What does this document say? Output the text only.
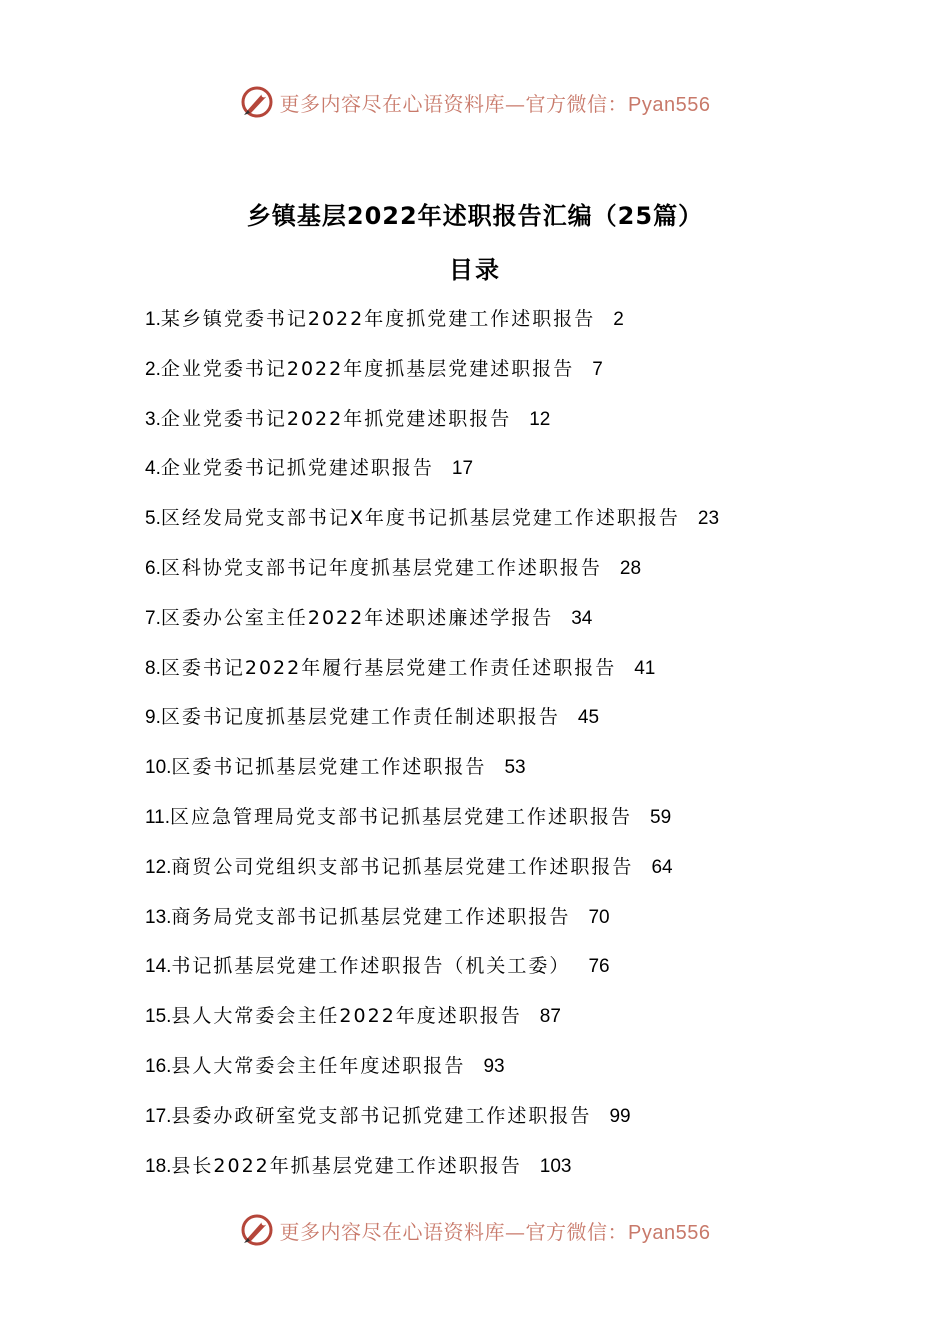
更多内容尽在心语资料库—官方微信：Pyan556
乡镇基层2022年述职报告汇编（25篇）
目录
1.某乡镇党委书记2022年度抓党建工作述职报告 2
2.企业党委书记2022年度抓基层党建述职报告 7
3.企业党委书记2022年抓党建述职报告 12
4.企业党委书记抓党建述职报告 17
5.区经发局党支部书记X年度书记抓基层党建工作述职报告 23
6.区科协党支部书记年度抓基层党建工作述职报告 28
7.区委办公室主任2022年述职述廉述学报告 34
8.区委书记2022年履行基层党建工作责任述职报告 41
9.区委书记度抓基层党建工作责任制述职报告 45
10.区委书记抓基层党建工作述职报告 53
11.区应急管理局党支部书记抓基层党建工作述职报告 59
12.商贸公司党组织支部书记抓基层党建工作述职报告 64
13.商务局党支部书记抓基层党建工作述职报告 70
14.书记抓基层党建工作述职报告（机关工委） 76
15.县人大常委会主任2022年度述职报告 87
16.县人大常委会主任年度述职报告 93
17.县委办政研室党支部书记抓党建工作述职报告 99
18.县长2022年抓基层党建工作述职报告 103
更多内容尽在心语资料库—官方微信：Pyan556
